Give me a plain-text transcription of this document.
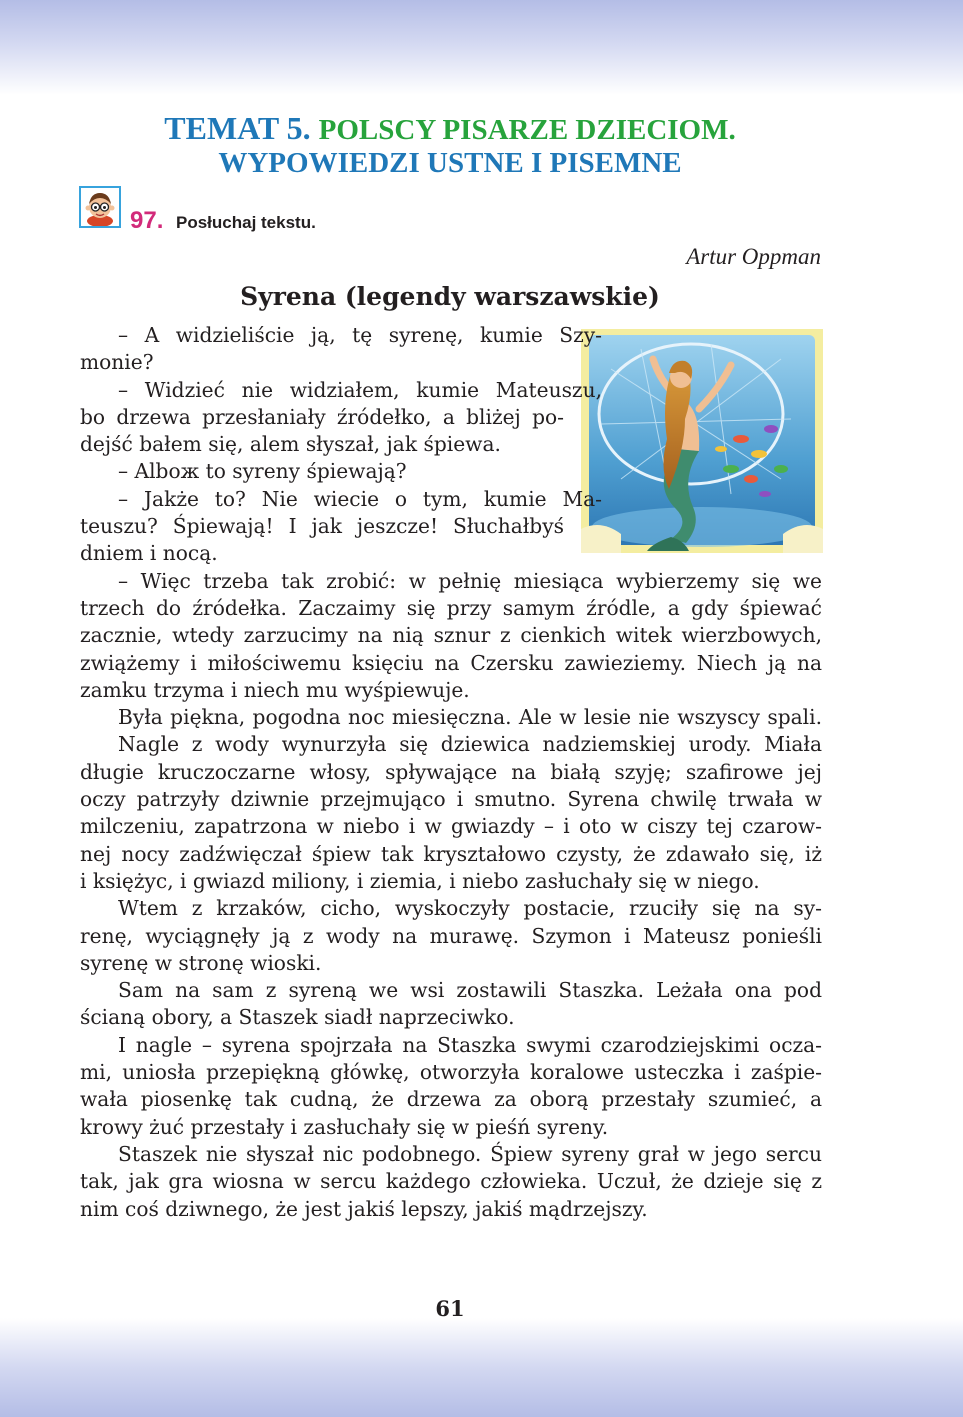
TEMAT 5. POLSCY PISARZE DZIECIOM.
WYPOWIEDZI USTNE I PISEMNE
97. Posłuchaj tekstu.
Artur Oppman
Syrena (legendy warszawskie)
– A widzieliście ją, tę syrenę, kumie Szy-
monie?
– Widzieć nie widziałem, kumie Mateuszu,
bo drzewa przesłaniały źródełko, a bliżej po-
dejść bałem się, alem słyszał, jak śpiewa.
– Albож to syreny śpiewają?
– Jakże to? Nie wiecie o tym, kumie Ma-
teuszu? Śpiewają! I jak jeszcze! Słuchałbyś
dniem i nocą.
– Więc trzeba tak zrobić: w pełnię miesiąca wybierzemy się we
trzech do źródełka. Zaczaimy się przy samym źródle, a gdy śpiewać
zacznie, wtedy zarzucimy na nią sznur z cienkich witek wierzbowych,
zwiążemy i miłościwemu księciu na Czersku zawieziemy. Niech ją na
zamku trzyma i niech mu wyśpiewuje.
Była piękna, pogodna noc miesięczna. Ale w lesie nie wszyscy spali.
Nagle z wody wynurzyła się dziewica nadziemskiej urody. Miała
długie kruczoczarne włosy, spływające na białą szyję; szafirowe jej
oczy patrzyły dziwnie przejmująco i smutno. Syrena chwilę trwała w
milczeniu, zapatrzona w niebo i w gwiazdy – i oto w ciszy tej czarow-
nej nocy zadźwięczał śpiew tak kryształowo czysty, że zdawało się, iż
i księżyc, i gwiazd miliony, i ziemia, i niebo zasłuchały się w niego.
Wtem z krzaków, cicho, wyskoczyły postacie, rzuciły się na sy-
renę, wyciągnęły ją z wody na murawę. Szymon i Mateusz ponieśli
syrenę w stronę wioski.
Sam na sam z syreną we wsi zostawili Staszka. Leżała ona pod
ścianą obory, a Staszek siadł naprzeciwko.
I nagle – syrena spojrzała na Staszka swymi czarodziejskimi ocza-
mi, uniosła przepiękną główkę, otworzyła koralowe usteczka i zaśpie-
wała piosenkę tak cudną, że drzewa za oborą przestały szumieć, a
krowy żuć przestały i zasłuchały się w pieśń syreny.
Staszek nie słyszał nic podobnego. Śpiew syreny grał w jego sercu
tak, jak gra wiosna w sercu każdego człowieka. Uczuł, że dzieje się z
nim coś dziwnego, że jest jakiś lepszy, jakiś mądrzejszy.
61
